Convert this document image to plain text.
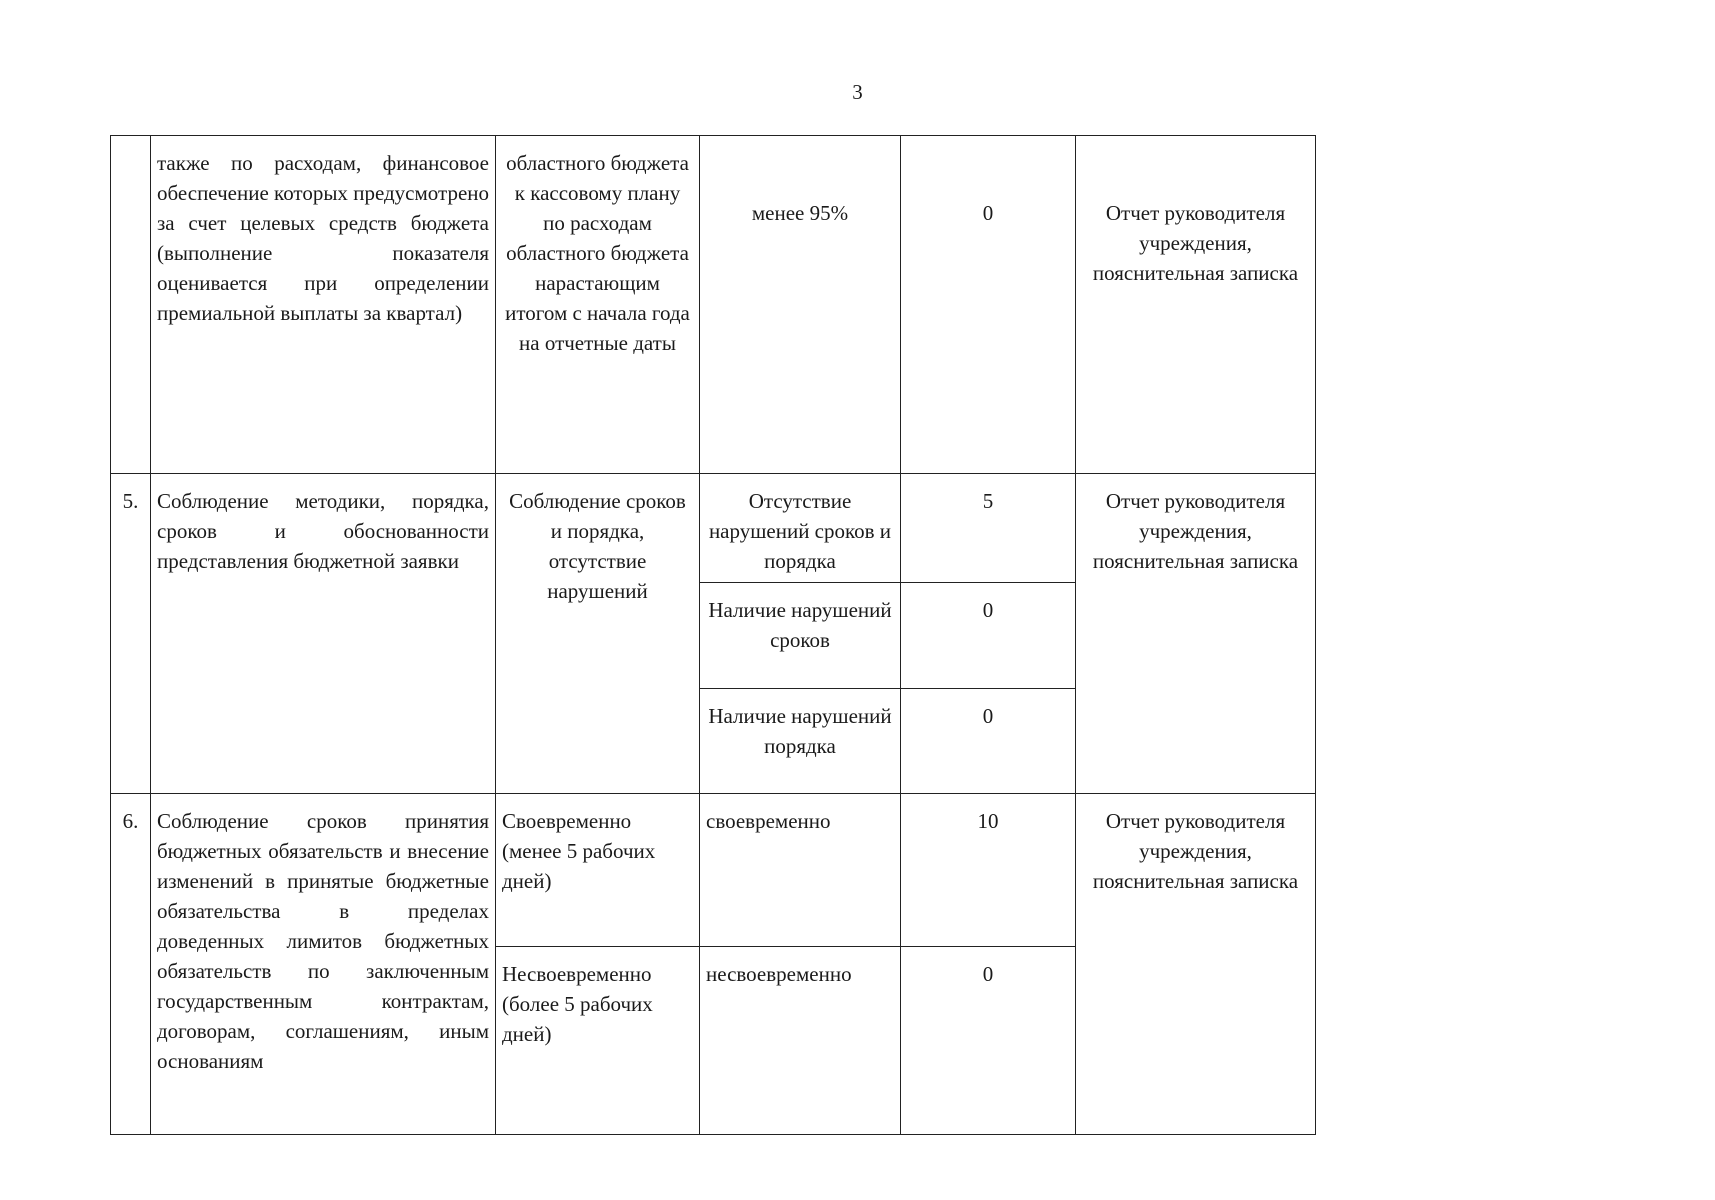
3
	также по расходам, финансовое обеспечение которых предусмотрено за счет целевых средств бюджета (выполнение показателя оценивается при определении премиальной выплаты за квартал)	областного бюджета к кассовому плану по расходам областного бюджета нарастающим итогом с начала года на отчетные даты	менее 95%	0	Отчет руководителя учреждения, пояснительная записка
5.	Соблюдение методики, порядка, сроков и обоснованности представления бюджетной заявки	Соблюдение сроков и порядка, отсутствие нарушений	Отсутствие нарушений сроков и порядка	5	Отчет руководителя учреждения, пояснительная записка
			Наличие нарушений сроков	0	
			Наличие нарушений порядка	0	
6.	Соблюдение сроков принятия бюджетных обязательств и внесение изменений в принятые бюджетные обязательства в пределах доведенных лимитов бюджетных обязательств по заключенным государственным контрактам, договорам, соглашениям, иным основаниям	Своевременно (менее 5 рабочих дней)	своевременно	10	Отчет руководителя учреждения, пояснительная записка
		Несвоевременно (более 5 рабочих дней)	несвоевременно	0	
